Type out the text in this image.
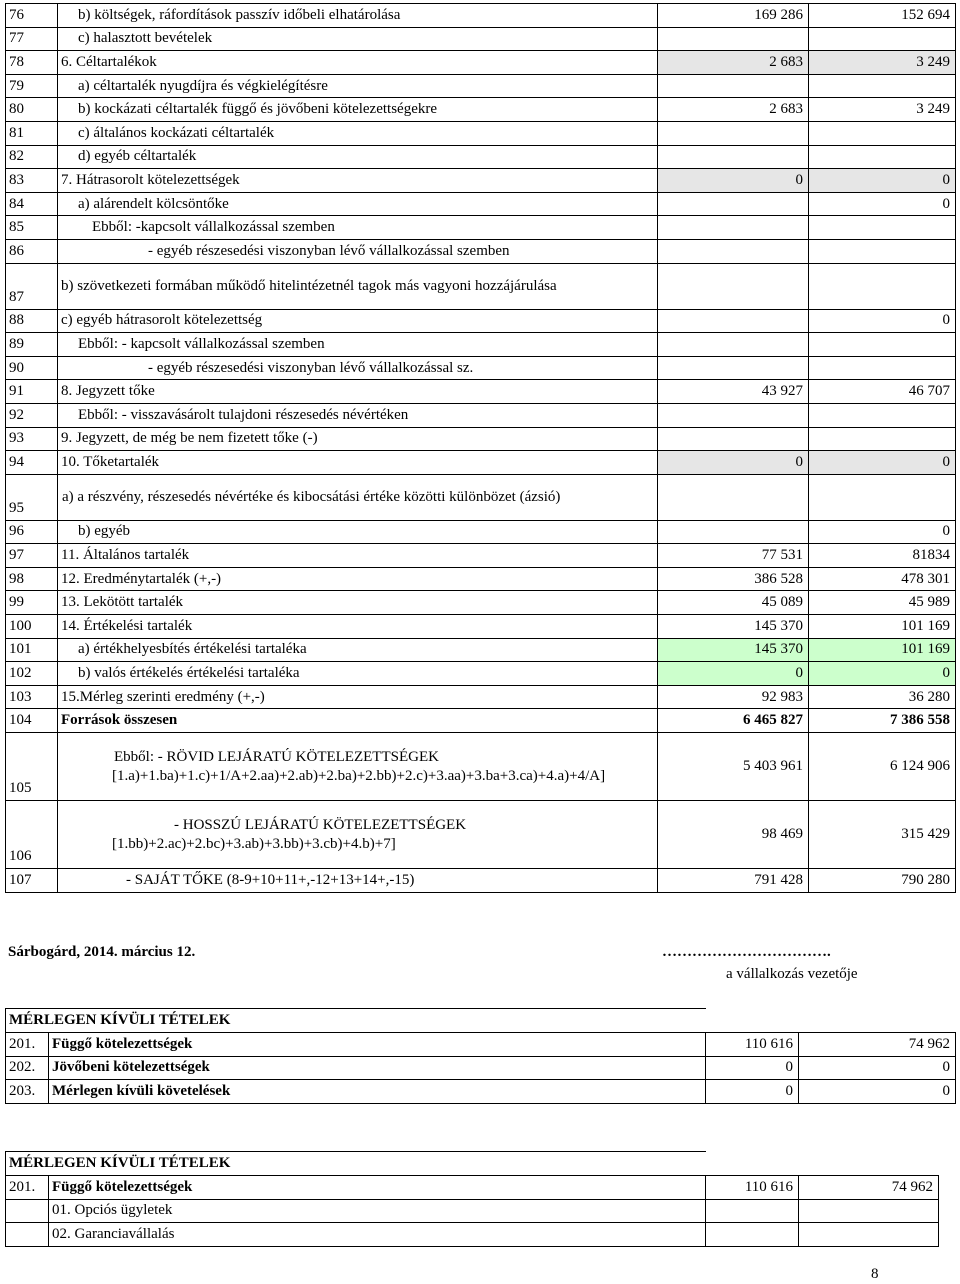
76	b) költségek, ráfordítások passzív időbeli elhatárolása	169 286	152 694
77	c) halasztott bevételek		
78	6. Céltartalékok	2 683	3 249
79	a) céltartalék nyugdíjra és végkielégítésre		
80	b) kockázati céltartalék függő és jövőbeni kötelezettségekre	2 683	3 249
81	c) általános kockázati céltartalék		
82	d) egyéb céltartalék		
83	7. Hátrasorolt kötelezettségek	0	0
84	a) alárendelt kölcsöntőke		0
85	Ebből: -kapcsolt vállalkozással szemben		
86	- egyéb részesedési viszonyban lévő vállalkozással szemben		
87	b) szövetkezeti formában működő hitelintézetnél tagok más vagyoni hozzájárulása		
88	c) egyéb hátrasorolt kötelezettség		0
89	Ebből: - kapcsolt vállalkozással szemben		
90	- egyéb részesedési viszonyban lévő vállalkozással sz.		
91	8. Jegyzett tőke	43 927	46 707
92	Ebből: - visszavásárolt tulajdoni részesedés névértéken		
93	9. Jegyzett, de még be nem fizetett tőke (-)		
94	10. Tőketartalék	0	0
95	a) a részvény, részesedés névértéke és kibocsátási értéke közötti különbözet (ázsió)		
96	b) egyéb		0
97	11. Általános tartalék	77 531	81834
98	12. Eredménytartalék (+,-)	386 528	478 301
99	13. Lekötött tartalék	45 089	45 989
100	14. Értékelési tartalék	145 370	101 169
101	a) értékhelyesbítés értékelési tartaléka	145 370	101 169
102	b) valós értékelés értékelési tartaléka	0	0
103	15.Mérleg szerinti eredmény (+,-)	92 983	36 280
104	Források összesen	6 465 827	7 386 558
105	Ebből: - RÖVID LEJÁRATÚ KÖTELEZETTSÉGEK
[1.a)+1.ba)+1.c)+1/A+2.aa)+2.ab)+2.ba)+2.bb)+2.c)+3.aa)+3.ba+3.ca)+4.a)+4/A]	5 403 961	6 124 906
106	- HOSSZÚ LEJÁRATÚ KÖTELEZETTSÉGEK
[1.bb)+2.ac)+2.bc)+3.ab)+3.bb)+3.cb)+4.b)+7]	98 469	315 429
107	- SAJÁT TŐKE (8-9+10+11+,-12+13+14+,-15)	791 428	790 280
Sárbogárd, 2014. március 12.	…………………………….
a vállalkozás vezetője
MÉRLEGEN KÍVÜLI TÉTELEK			
201.	Függő kötelezettségek	110 616	74 962
202.	Jövőbeni kötelezettségek	0	0
203.	Mérlegen kívüli követelések	0	0
MÉRLEGEN KÍVÜLI TÉTELEK			
201.	Függő kötelezettségek	110 616	74 962
	01. Opciós ügyletek		
	02. Garanciavállalás		
8
